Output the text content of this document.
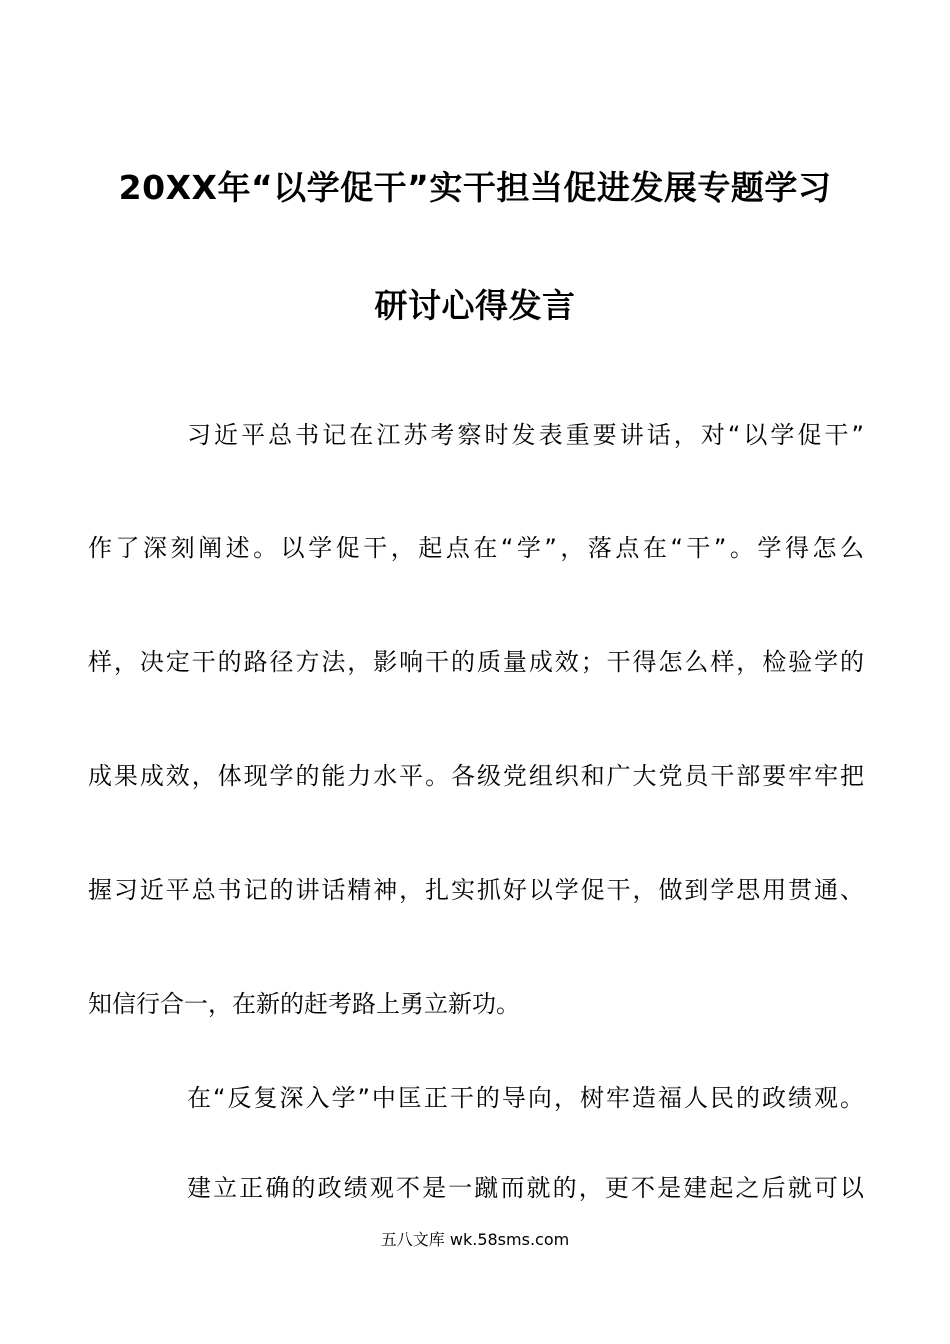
20XX年“以学促干”实干担当促进发展专题学习
研讨心得发言
习近平总书记在江苏考察时发表重要讲话，对“以学促干”
作了深刻阐述。以学促干，起点在“学”，落点在“干”。学得怎么
样，决定干的路径方法，影响干的质量成效；干得怎么样，检验学的
成果成效，体现学的能力水平。各级党组织和广大党员干部要牢牢把
握习近平总书记的讲话精神，扎实抓好以学促干，做到学思用贯通、
知信行合一，在新的赶考路上勇立新功。
在“反复深入学”中匡正干的导向，树牢造福人民的政绩观。
建立正确的政绩观不是一蹴而就的，更不是建起之后就可以
五八文库 wk.58sms.com
